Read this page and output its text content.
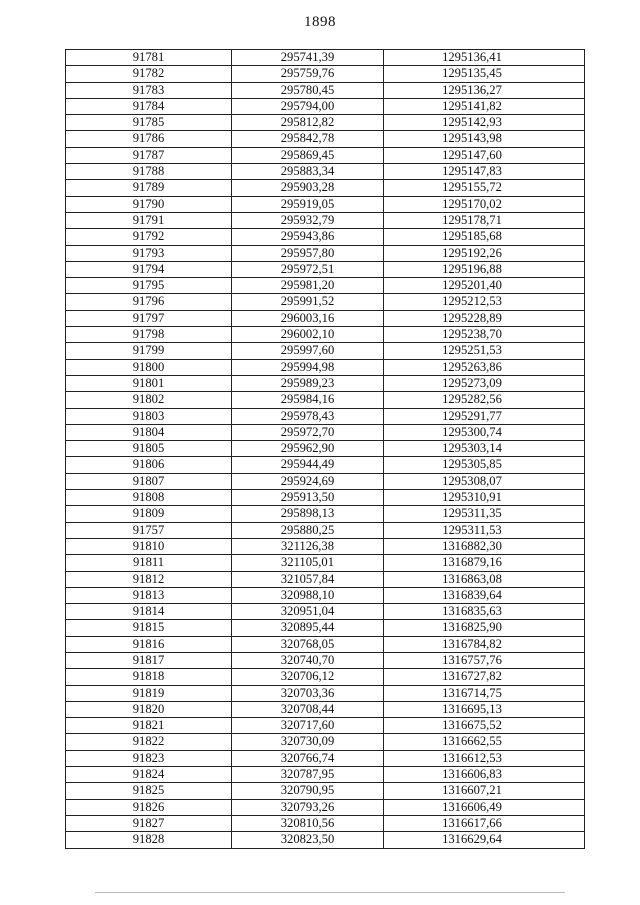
1898
91781	295741,39	1295136,41
91782	295759,76	1295135,45
91783	295780,45	1295136,27
91784	295794,00	1295141,82
91785	295812,82	1295142,93
91786	295842,78	1295143,98
91787	295869,45	1295147,60
91788	295883,34	1295147,83
91789	295903,28	1295155,72
91790	295919,05	1295170,02
91791	295932,79	1295178,71
91792	295943,86	1295185,68
91793	295957,80	1295192,26
91794	295972,51	1295196,88
91795	295981,20	1295201,40
91796	295991,52	1295212,53
91797	296003,16	1295228,89
91798	296002,10	1295238,70
91799	295997,60	1295251,53
91800	295994,98	1295263,86
91801	295989,23	1295273,09
91802	295984,16	1295282,56
91803	295978,43	1295291,77
91804	295972,70	1295300,74
91805	295962,90	1295303,14
91806	295944,49	1295305,85
91807	295924,69	1295308,07
91808	295913,50	1295310,91
91809	295898,13	1295311,35
91757	295880,25	1295311,53
91810	321126,38	1316882,30
91811	321105,01	1316879,16
91812	321057,84	1316863,08
91813	320988,10	1316839,64
91814	320951,04	1316835,63
91815	320895,44	1316825,90
91816	320768,05	1316784,82
91817	320740,70	1316757,76
91818	320706,12	1316727,82
91819	320703,36	1316714,75
91820	320708,44	1316695,13
91821	320717,60	1316675,52
91822	320730,09	1316662,55
91823	320766,74	1316612,53
91824	320787,95	1316606,83
91825	320790,95	1316607,21
91826	320793,26	1316606,49
91827	320810,56	1316617,66
91828	320823,50	1316629,64
